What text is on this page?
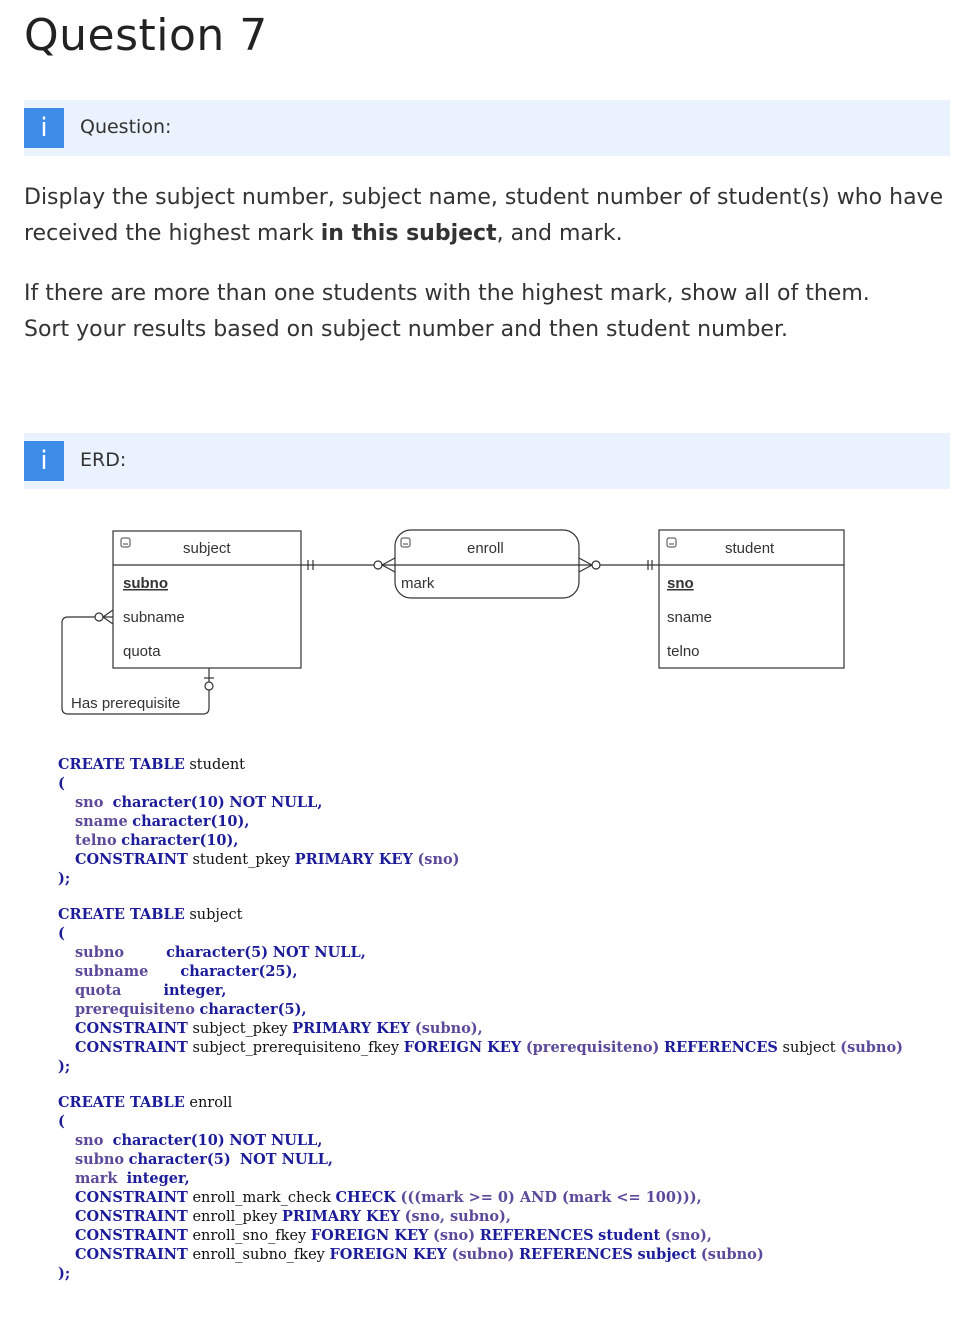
Question 7
i	Question:
Display the subject number, subject name, student number of student(s) who have received the highest mark in this subject, and mark.
If there are more than one students with the highest mark, show all of them.
Sort your results based on subject number and then student number.
i	ERD:
subject
subno
subname
quota
enroll
mark
student
sno
sname
telno
Has prerequisite
CREATE TABLE student
(
sno character(10) NOT NULL,
sname character(10),
telno character(10),
CONSTRAINT student_pkey PRIMARY KEY (sno)
);
CREATE TABLE subject
(
subno	character(5) NOT NULL,
subname character(25),
quota	integer,
prerequisiteno character(5),
CONSTRAINT subject_pkey PRIMARY KEY (subno),
CONSTRAINT subject_prerequisiteno_fkey FOREIGN KEY (prerequisiteno) REFERENCES subject (subno)
);
CREATE TABLE enroll
(
sno character(10) NOT NULL,
subno character(5) NOT NULL,
mark integer,
CONSTRAINT enroll_mark_check CHECK (((mark >= 0) AND (mark <= 100))),
CONSTRAINT enroll_pkey PRIMARY KEY (sno, subno),
CONSTRAINT enroll_sno_fkey FOREIGN KEY (sno) REFERENCES student (sno),
CONSTRAINT enroll_subno_fkey FOREIGN KEY (subno) REFERENCES subject (subno)
);
